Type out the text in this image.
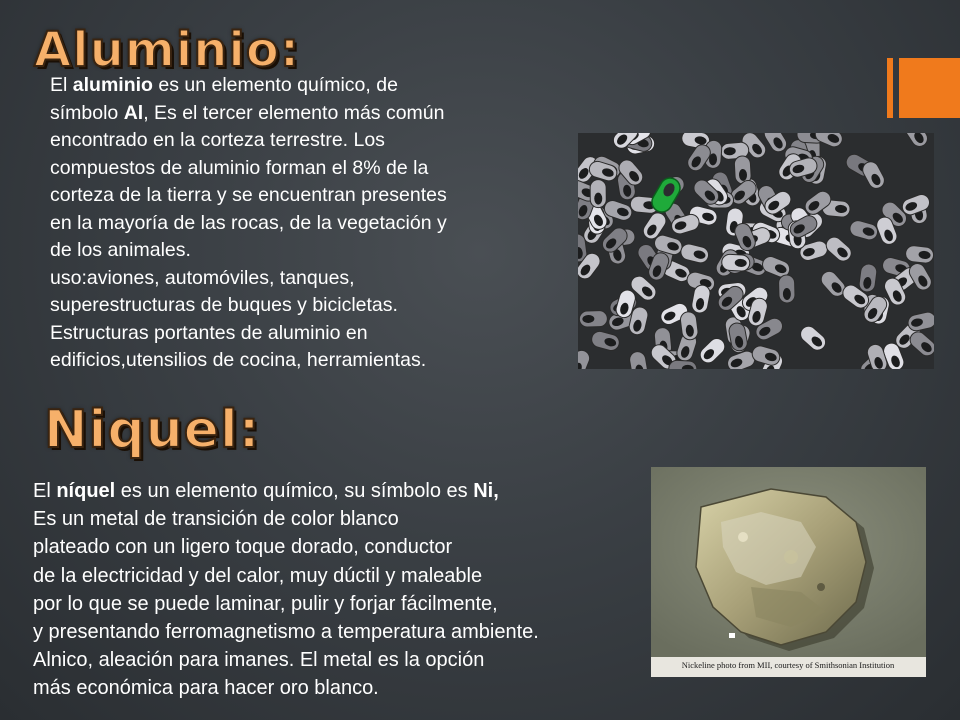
Aluminio:
El aluminio es un elemento químico, de
símbolo Al, Es el tercer elemento más común
encontrado en la corteza terrestre. Los
compuestos de aluminio forman el 8% de la
corteza de la tierra y se encuentran presentes
en la mayoría de las rocas, de la vegetación y
de los animales.
uso:aviones, automóviles, tanques,
superestructuras de buques y bicicletas.
Estructuras portantes de aluminio en
edificios,utensilios de cocina, herramientas.
Niquel:
El níquel es un elemento químico, su símbolo es Ni,
Es un metal de transición de color blanco
plateado con un ligero toque dorado, conductor
de la electricidad y del calor, muy dúctil y maleable
por lo que se puede laminar, pulir y forjar fácilmente,
y presentando ferromagnetismo a temperatura ambiente.
Alnico, aleación para imanes. El metal es la opción
más económica para hacer oro blanco.
Nickeline photo from MII, courtesy of Smithsonian Institution
